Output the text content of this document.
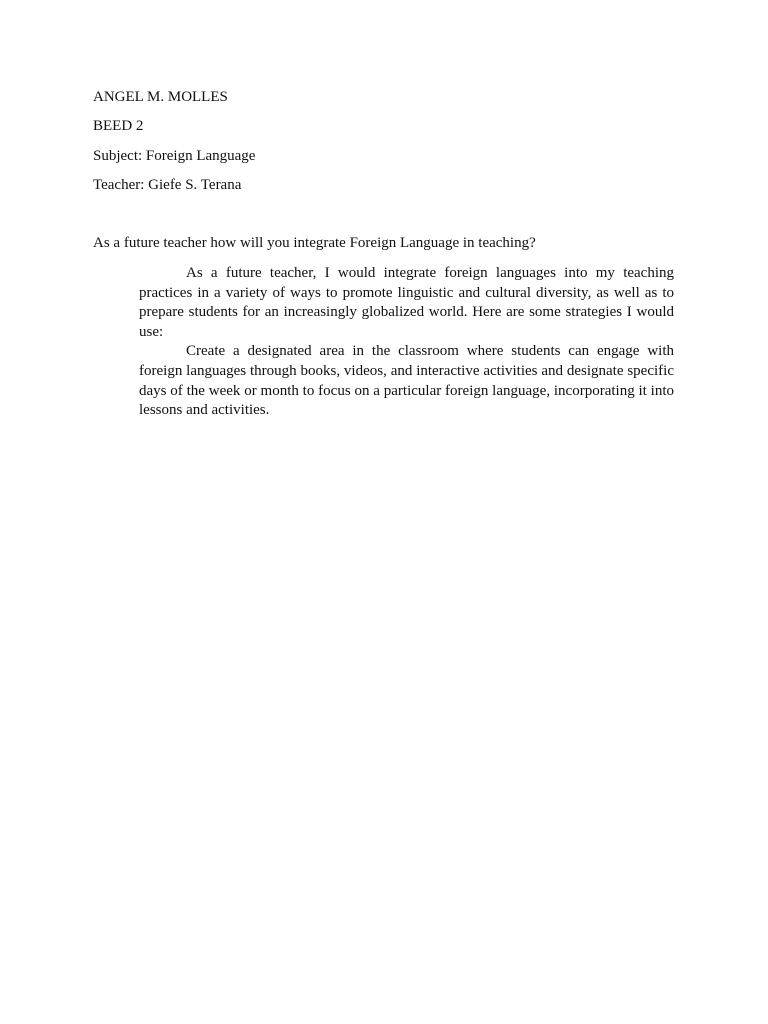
ANGEL M. MOLLES
BEED 2
Subject: Foreign Language
Teacher: Giefe S. Terana
As a future teacher how will you integrate Foreign Language in teaching?

As a future teacher, I would integrate foreign languages into my teaching practices in a variety of ways to promote linguistic and cultural diversity, as well as to prepare students for an increasingly globalized world. Here are some strategies I would use:

Create a designated area in the classroom where students can engage with foreign languages through books, videos, and interactive activities and designate specific days of the week or month to focus on a particular foreign language, incorporating it into lessons and activities.
